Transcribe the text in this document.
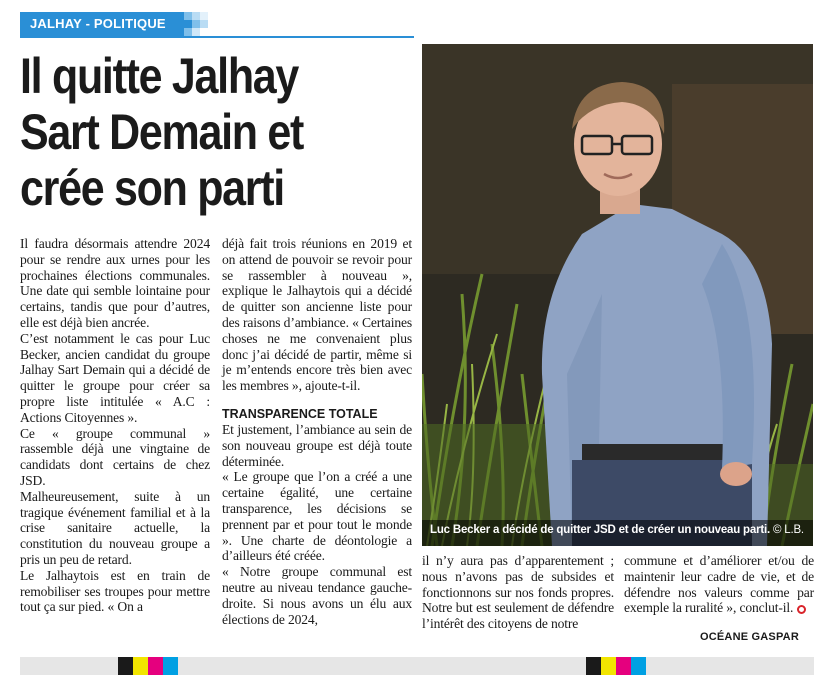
JALHAY - POLITIQUE
Il quitte Jalhay
Sart Demain et
crée son parti
Luc Becker a décidé de quitter JSD et de créer un nouveau parti. © L.B.

Il faudra désormais attendre 2024 pour se rendre aux urnes pour les prochaines élections communales. Une date qui semble lointaine pour certains, tandis que pour d’autres, elle est déjà bien ancrée.

C’est notamment le cas pour Luc Becker, ancien candidat du groupe Jalhay Sart Demain qui a décidé de quitter le groupe pour créer sa propre liste intitulée « A.C : Actions Citoyennes ».

Ce « groupe communal » rassemble déjà une vingtaine de candidats dont certains de chez JSD.

Malheureusement, suite à un tragique événement familial et à la crise sanitaire actuelle, la constitution du nouveau groupe a pris un peu de retard.

Le Jalhaytois est en train de remobiliser ses troupes pour mettre tout ça sur pied. « On a

déjà fait trois réunions en 2019 et on attend de pouvoir se revoir pour se rassembler à nouveau », explique le Jalhaytois qui a décidé de quitter son ancienne liste pour des raisons d’ambiance. « Certaines choses ne me convenaient plus donc j’ai décidé de partir, même si je m’entends encore très bien avec les membres », ajoute-t-il.

TRANSPARENCE TOTALE

Et justement, l’ambiance au sein de son nouveau groupe est déjà toute déterminée.

« Le groupe que l’on a créé a une certaine égalité, une certaine transparence, les décisions se prennent par et pour tout le monde ». Une charte de déontologie a d’ailleurs été créée.

« Notre groupe communal est neutre au niveau tendance gauche-droite. Si nous avons un élu aux élections de 2024,

il n’y aura pas d’apparentement ; nous n’avons pas de subsides et fonctionnons sur nos fonds propres. Notre but est seulement de défendre l’intérêt des citoyens de notre

commune et d’améliorer et/ou de maintenir leur cadre de vie, et de défendre nos valeurs comme par exemple la ruralité », conclut-il.

OCÉANE GASPAR
